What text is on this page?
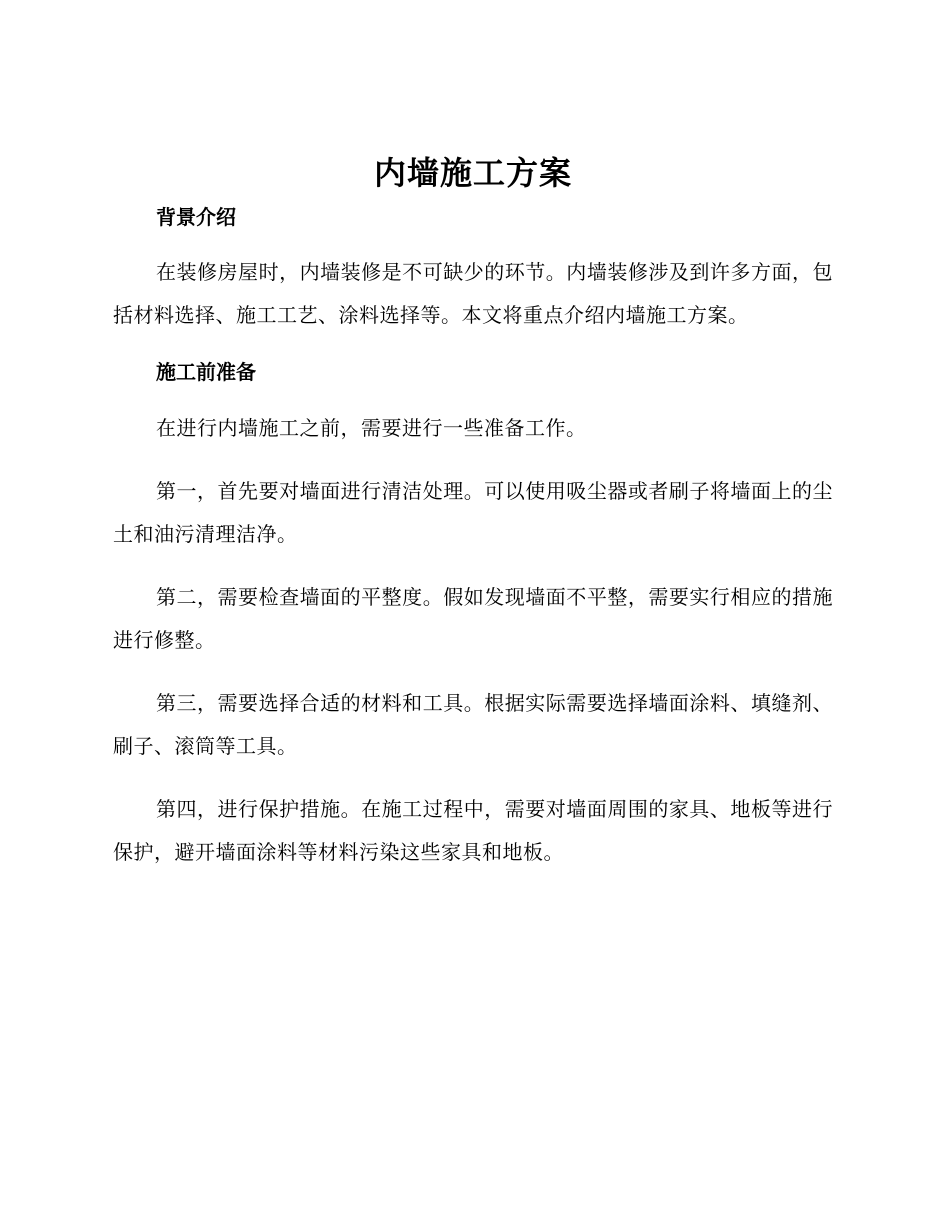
内墙施工方案
背景介绍

在装修房屋时，内墙装修是不可缺少的环节。内墙装修涉及到许多方面，包括材料选择、施工工艺、涂料选择等。本文将重点介绍内墙施工方案。

施工前准备

在进行内墙施工之前，需要进行一些准备工作。

第一，首先要对墙面进行清洁处理。可以使用吸尘器或者刷子将墙面上的尘土和油污清理洁净。

第二，需要检查墙面的平整度。假如发现墙面不平整，需要实行相应的措施进行修整。

第三，需要选择合适的材料和工具。根据实际需要选择墙面涂料、填缝剂、刷子、滚筒等工具。

第四，进行保护措施。在施工过程中，需要对墙面周围的家具、地板等进行保护，避开墙面涂料等材料污染这些家具和地板。
